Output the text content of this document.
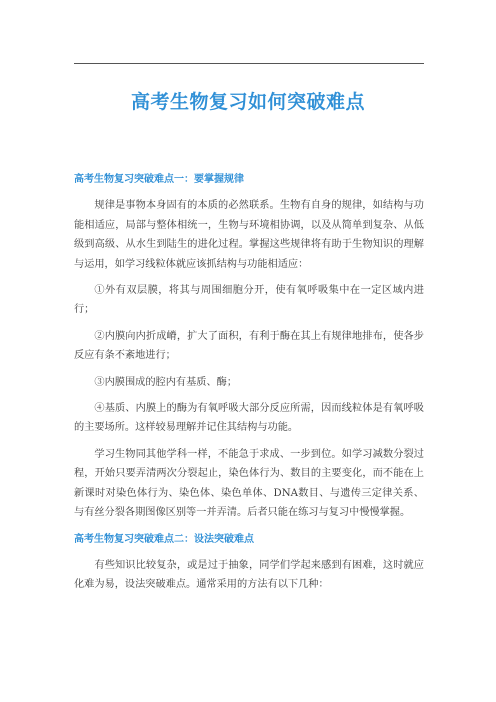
高考生物复习如何突破难点
高考生物复习突破难点一：要掌握规律

规律是事物本身固有的本质的必然联系。生物有自身的规律，如结构与功能相适应，局部与整体相统一，生物与环境相协调，以及从简单到复杂、从低级到高级、从水生到陆生的进化过程。掌握这些规律将有助于生物知识的理解与运用，如学习线粒体就应该抓结构与功能相适应：

①外有双层膜，将其与周围细胞分开，使有氧呼吸集中在一定区域内进行；

②内膜向内折成嵴，扩大了面积，有利于酶在其上有规律地排布，使各步反应有条不紊地进行；

③内膜围成的腔内有基质、酶；

④基质、内膜上的酶为有氧呼吸大部分反应所需，因而线粒体是有氧呼吸的主要场所。这样较易理解并记住其结构与功能。

学习生物同其他学科一样，不能急于求成、一步到位。如学习减数分裂过程，开始只要弄清两次分裂起止，染色体行为、数目的主要变化，而不能在上新课时对染色体行为、染色体、染色单体、DNA数目、与遗传三定律关系、与有丝分裂各期图像区别等一并弄清。后者只能在练习与复习中慢慢掌握。

高考生物复习突破难点二：设法突破难点

有些知识比较复杂，或是过于抽象，同学们学起来感到有困难，这时就应化难为易，设法突破难点。通常采用的方法有以下几种：
